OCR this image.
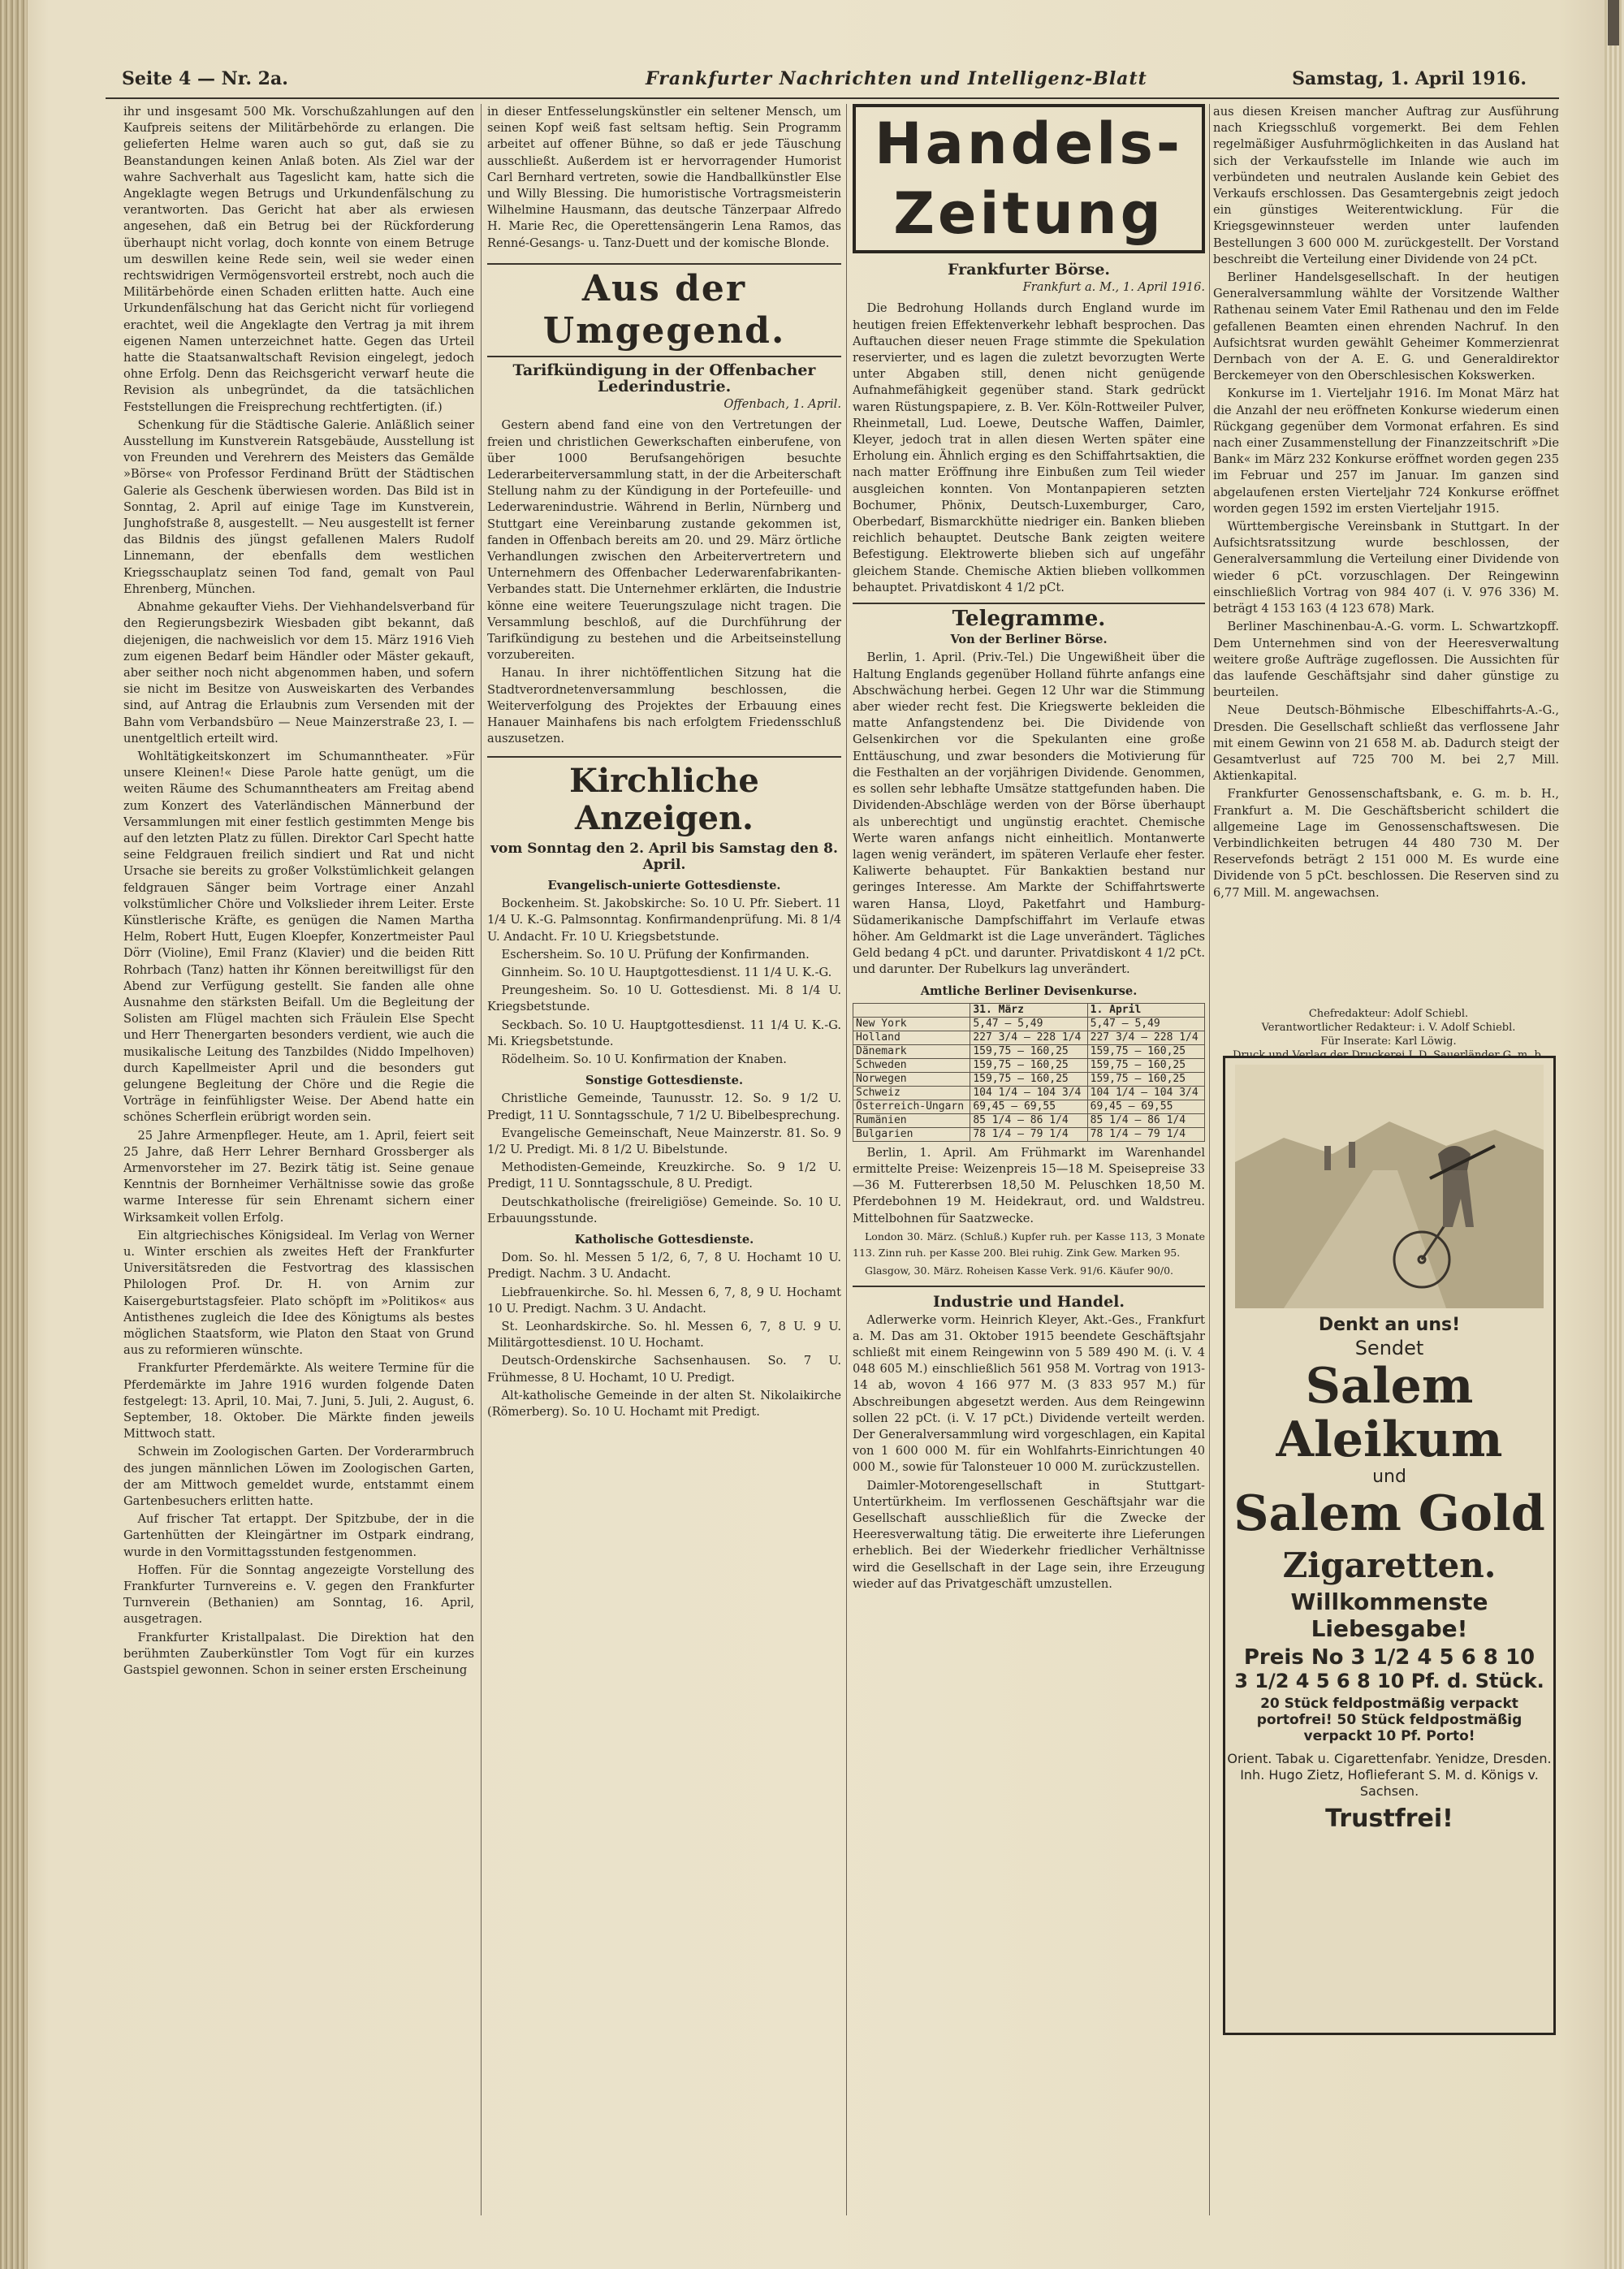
Seite 4 — Nr. 2a.	Frankfurter Nachrichten und Intelligenz-Blatt	Samstag, 1. April 1916.

ihr und insgesamt 500 Mk. Vorschußzahlungen auf den Kaufpreis seitens der Militärbehörde zu erlangen. Die gelieferten Helme waren auch so gut, daß sie zu Beanstandungen keinen Anlaß boten. Als Ziel war der wahre Sachverhalt aus Tageslicht kam, hatte sich die Angeklagte wegen Betrugs und Urkundenfälschung zu verantworten. Das Gericht hat aber als erwiesen angesehen, daß ein Betrug bei der Rückforderung überhaupt nicht vorlag, doch konnte von einem Betruge um deswillen keine Rede sein, weil sie weder einen rechtswidrigen Vermögensvorteil erstrebt, noch auch die Militärbehörde einen Schaden erlitten hatte. Auch eine Urkundenfälschung hat das Gericht nicht für vorliegend erachtet, weil die Angeklagte den Vertrag ja mit ihrem eigenen Namen unterzeichnet hatte. Gegen das Urteil hatte die Staatsanwaltschaft Revision eingelegt, jedoch ohne Erfolg. Denn das Reichsgericht verwarf heute die Revision als unbegründet, da die tatsächlichen Feststellungen die Freisprechung rechtfertigten. (if.)

Schenkung für die Städtische Galerie. Anläßlich seiner Ausstellung im Kunstverein Ratsgebäude, Ausstellung ist von Freunden und Verehrern des Meisters das Gemälde »Börse« von Professor Ferdinand Brütt der Städtischen Galerie als Geschenk überwiesen worden. Das Bild ist in Sonntag, 2. April auf einige Tage im Kunstverein, Junghofstraße 8, ausgestellt. — Neu ausgestellt ist ferner das Bildnis des jüngst gefallenen Malers Rudolf Linnemann, der ebenfalls dem westlichen Kriegsschauplatz seinen Tod fand, gemalt von Paul Ehrenberg, München.

Abnahme gekaufter Viehs. Der Viehhandelsverband für den Regierungsbezirk Wiesbaden gibt bekannt, daß diejenigen, die nachweislich vor dem 15. März 1916 Vieh zum eigenen Bedarf beim Händler oder Mäster gekauft, aber seither noch nicht abgenommen haben, und sofern sie nicht im Besitze von Ausweiskarten des Verbandes sind, auf Antrag die Erlaubnis zum Versenden mit der Bahn vom Verbandsbüro — Neue Mainzerstraße 23, I. — unentgeltlich erteilt wird.

Wohltätigkeitskonzert im Schumanntheater. »Für unsere Kleinen!« Diese Parole hatte genügt, um die weiten Räume des Schumanntheaters am Freitag abend zum Konzert des Vaterländischen Männerbund der Versammlungen mit einer festlich gestimmten Menge bis auf den letzten Platz zu füllen. Direktor Carl Specht hatte seine Feldgrauen freilich sindiert und Rat und nicht Ursache sie bereits zu großer Volkstümlichkeit gelangen feldgrauen Sänger beim Vortrage einer Anzahl volkstümlicher Chöre und Volkslieder ihrem Leiter. Erste Künstlerische Kräfte, es genügen die Namen Martha Helm, Robert Hutt, Eugen Kloepfer, Konzertmeister Paul Dörr (Violine), Emil Franz (Klavier) und die beiden Ritt Rohrbach (Tanz) hatten ihr Können bereitwilligst für den Abend zur Verfügung gestellt. Sie fanden alle ohne Ausnahme den stärksten Beifall. Um die Begleitung der Solisten am Flügel machten sich Fräulein Else Specht und Herr Thenergarten besonders verdient, wie auch die musikalische Leitung des Tanzbildes (Niddo Impelhoven) durch Kapellmeister April und die besonders gut gelungene Begleitung der Chöre und die Regie die Vorträge in feinfühligster Weise. Der Abend hatte ein schönes Scherflein erübrigt worden sein.

25 Jahre Armenpfleger. Heute, am 1. April, feiert seit 25 Jahre, daß Herr Lehrer Bernhard Grossberger als Armenvorsteher im 27. Bezirk tätig ist. Seine genaue Kenntnis der Bornheimer Verhältnisse sowie das große warme Interesse für sein Ehrenamt sichern einer Wirksamkeit vollen Erfolg.

Ein altgriechisches Königsideal. Im Verlag von Werner u. Winter erschien als zweites Heft der Frankfurter Universitätsreden die Festvortrag des klassischen Philologen Prof. Dr. H. von Arnim zur Kaisergeburtstagsfeier. Plato schöpft im »Politikos« aus Antisthenes zugleich die Idee des Königtums als bestes möglichen Staatsform, wie Platon den Staat von Grund aus zu reformieren wünschte.

Frankfurter Pferdemärkte. Als weitere Termine für die Pferdemärkte im Jahre 1916 wurden folgende Daten festgelegt: 13. April, 10. Mai, 7. Juni, 5. Juli, 2. August, 6. September, 18. Oktober. Die Märkte finden jeweils Mittwoch statt.

Schwein im Zoologischen Garten. Der Vorderarmbruch des jungen männlichen Löwen im Zoologischen Garten, der am Mittwoch gemeldet wurde, entstammt einem Gartenbesuchers erlitten hatte.

Auf frischer Tat ertappt. Der Spitzbube, der in die Gartenhütten der Kleingärtner im Ostpark eindrang, wurde in den Vormittagsstunden festgenommen.

Hoffen. Für die Sonntag angezeigte Vorstellung des Frankfurter Turnvereins e. V. gegen den Frankfurter Turnverein (Bethanien) am Sonntag, 16. April, ausgetragen.

Frankfurter Kristallpalast. Die Direktion hat den berühmten Zauberkünstler Tom Vogt für ein kurzes Gastspiel gewonnen. Schon in seiner ersten Erscheinung

in dieser Entfesselungskünstler ein seltener Mensch, um seinen Kopf weiß fast seltsam heftig. Sein Programm arbeitet auf offener Bühne, so daß er jede Täuschung ausschließt. Außerdem ist er hervorragender Humorist Carl Bernhard vertreten, sowie die Handballkünstler Else und Willy Blessing. Die humoristische Vortragsmeisterin Wilhelmine Hausmann, das deutsche Tänzerpaar Alfredo H. Marie Rec, die Operettensängerin Lena Ramos, das Renné-Gesangs- u. Tanz-Duett und der komische Blonde.

Aus der Umgegend.
Tarifkündigung in der Offenbacher Lederindustrie.
Offenbach, 1. April.

Gestern abend fand eine von den Vertretungen der freien und christlichen Gewerkschaften einberufene, von über 1000 Berufsangehörigen besuchte Lederarbeiterversammlung statt, in der die Arbeiterschaft Stellung nahm zu der Kündigung in der Portefeuille- und Lederwarenindustrie. Während in Berlin, Nürnberg und Stuttgart eine Vereinbarung zustande gekommen ist, fanden in Offenbach bereits am 20. und 29. März örtliche Verhandlungen zwischen den Arbeitervertretern und Unternehmern des Offenbacher Lederwarenfabrikanten-Verbandes statt. Die Unternehmer erklärten, die Industrie könne eine weitere Teuerungszulage nicht tragen. Die Versammlung beschloß, auf die Durchführung der Tarifkündigung zu bestehen und die Arbeitseinstellung vorzubereiten.

Hanau. In ihrer nichtöffentlichen Sitzung hat die Stadtverordnetenversammlung beschlossen, die Weiterverfolgung des Projektes der Erbauung eines Hanauer Mainhafens bis nach erfolgtem Friedensschluß auszusetzen.

Kirchliche Anzeigen.
vom Sonntag den 2. April bis Samstag den 8. April.
Evangelisch-unierte Gottesdienste.

Bockenheim. St. Jakobskirche: So. 10 U. Pfr. Siebert. 11 1/4 U. K.-G. Palmsonntag. Konfirmandenprüfung. Mi. 8 1/4 U. Andacht. Fr. 10 U. Kriegsbetstunde.

Eschersheim. So. 10 U. Prüfung der Konfirmanden.

Ginnheim. So. 10 U. Hauptgottesdienst. 11 1/4 U. K.-G.

Preungesheim. So. 10 U. Gottesdienst. Mi. 8 1/4 U. Kriegsbetstunde.

Seckbach. So. 10 U. Hauptgottesdienst. 11 1/4 U. K.-G. Mi. Kriegsbetstunde.

Rödelheim. So. 10 U. Konfirmation der Knaben.

Sonstige Gottesdienste.

Christliche Gemeinde, Taunusstr. 12. So. 9 1/2 U. Predigt, 11 U. Sonntagsschule, 7 1/2 U. Bibelbesprechung.

Evangelische Gemeinschaft, Neue Mainzerstr. 81. So. 9 1/2 U. Predigt. Mi. 8 1/2 U. Bibelstunde.

Methodisten-Gemeinde, Kreuzkirche. So. 9 1/2 U. Predigt, 11 U. Sonntagsschule, 8 U. Predigt.

Deutschkatholische (freireligiöse) Gemeinde. So. 10 U. Erbauungsstunde.

Katholische Gottesdienste.

Dom. So. hl. Messen 5 1/2, 6, 7, 8 U. Hochamt 10 U. Predigt. Nachm. 3 U. Andacht.

Liebfrauenkirche. So. hl. Messen 6, 7, 8, 9 U. Hochamt 10 U. Predigt. Nachm. 3 U. Andacht.

St. Leonhardskirche. So. hl. Messen 6, 7, 8 U. 9 U. Militärgottesdienst. 10 U. Hochamt.

Deutsch-Ordenskirche Sachsenhausen. So. 7 U. Frühmesse, 8 U. Hochamt, 10 U. Predigt.

Alt-katholische Gemeinde in der alten St. Nikolaikirche (Römerberg). So. 10 U. Hochamt mit Predigt.

Handels-Zeitung
Frankfurter Börse.
Frankfurt a. M., 1. April 1916.

Die Bedrohung Hollands durch England wurde im heutigen freien Effektenverkehr lebhaft besprochen. Das Auftauchen dieser neuen Frage stimmte die Spekulation reservierter, und es lagen die zuletzt bevorzugten Werte unter Abgaben still, denen nicht genügende Aufnahmefähigkeit gegenüber stand. Stark gedrückt waren Rüstungspapiere, z. B. Ver. Köln-Rottweiler Pulver, Rheinmetall, Lud. Loewe, Deutsche Waffen, Daimler, Kleyer, jedoch trat in allen diesen Werten später eine Erholung ein. Ähnlich erging es den Schiffahrtsaktien, die nach matter Eröffnung ihre Einbußen zum Teil wieder ausgleichen konnten. Von Montanpapieren setzten Bochumer, Phönix, Deutsch-Luxemburger, Caro, Oberbedarf, Bismarckhütte niedriger ein. Banken blieben reichlich behauptet. Deutsche Bank zeigten weitere Befestigung. Elektrowerte blieben sich auf ungefähr gleichem Stande. Chemische Aktien blieben vollkommen behauptet. Privatdiskont 4 1/2 pCt.

Telegramme.
Von der Berliner Börse.

Berlin, 1. April. (Priv.-Tel.) Die Ungewißheit über die Haltung Englands gegenüber Holland führte anfangs eine Abschwächung herbei. Gegen 12 Uhr war die Stimmung aber wieder recht fest. Die Kriegswerte bekleiden die matte Anfangstendenz bei. Die Dividende von Gelsenkirchen vor die Spekulanten eine große Enttäuschung, und zwar besonders die Motivierung für die Festhalten an der vorjährigen Dividende. Genommen, es sollen sehr lebhafte Umsätze stattgefunden haben. Die Dividenden-Abschläge werden von der Börse überhaupt als unberechtigt und ungünstig erachtet. Chemische Werte waren anfangs nicht einheitlich. Montanwerte lagen wenig verändert, im späteren Verlaufe eher fester. Kaliwerte behauptet. Für Bankaktien bestand nur geringes Interesse. Am Markte der Schiffahrtswerte waren Hansa, Lloyd, Paketfahrt und Hamburg-Südamerikanische Dampfschiffahrt im Verlaufe etwas höher. Am Geldmarkt ist die Lage unverändert. Tägliches Geld bedang 4 pCt. und darunter. Privatdiskont 4 1/2 pCt. und darunter. Der Rubelkurs lag unverändert.

Amtliche Berliner Devisenkurse.
	31. März	1. April
New York	5,47 — 5,49	5,47 — 5,49
Holland	227 3/4 — 228 1/4	227 3/4 — 228 1/4
Dänemark	159,75 — 160,25	159,75 — 160,25
Schweden	159,75 — 160,25	159,75 — 160,25
Norwegen	159,75 — 160,25	159,75 — 160,25
Schweiz	104 1/4 — 104 3/4	104 1/4 — 104 3/4
Österreich-Ungarn	69,45 — 69,55	69,45 — 69,55
Rumänien	85 1/4 — 86 1/4	85 1/4 — 86 1/4
Bulgarien	78 1/4 — 79 1/4	78 1/4 — 79 1/4

Berlin, 1. April. Am Frühmarkt im Warenhandel ermittelte Preise: Weizenpreis 15—18 M. Speisepreise 33—36 M. Futtererbsen 18,50 M. Peluschken 18,50 M. Pferdebohnen 19 M. Heidekraut, ord. und Waldstreu. Mittelbohnen für Saatzwecke.

London 30. März. (Schluß.) Kupfer ruh. per Kasse 113, 3 Monate 113. Zinn ruh. per Kasse 200. Blei ruhig. Zink Gew. Marken 95.

Glasgow, 30. März. Roheisen Kasse Verk. 91/6. Käufer 90/0.

Industrie und Handel.

Adlerwerke vorm. Heinrich Kleyer, Akt.-Ges., Frankfurt a. M. Das am 31. Oktober 1915 beendete Geschäftsjahr schließt mit einem Reingewinn von 5 589 490 M. (i. V. 4 048 605 M.) einschließlich 561 958 M. Vortrag von 1913-14 ab, wovon 4 166 977 M. (3 833 957 M.) für Abschreibungen abgesetzt werden. Aus dem Reingewinn sollen 22 pCt. (i. V. 17 pCt.) Dividende verteilt werden. Der Generalversammlung wird vorgeschlagen, ein Kapital von 1 600 000 M. für ein Wohlfahrts-Einrichtungen 40 000 M., sowie für Talonsteuer 10 000 M. zurückzustellen.

Daimler-Motorengesellschaft in Stuttgart-Untertürkheim. Im verflossenen Geschäftsjahr war die Gesellschaft ausschließlich für die Zwecke der Heeresverwaltung tätig. Die erweiterte ihre Lieferungen erheblich. Bei der Wiederkehr friedlicher Verhältnisse wird die Gesellschaft in der Lage sein, ihre Erzeugung wieder auf das Privatgeschäft umzustellen.

aus diesen Kreisen mancher Auftrag zur Ausführung nach Kriegsschluß vorgemerkt. Bei dem Fehlen regelmäßiger Ausfuhrmöglichkeiten in das Ausland hat sich der Verkaufsstelle im Inlande wie auch im verbündeten und neutralen Auslande kein Gebiet des Verkaufs erschlossen. Das Gesamtergebnis zeigt jedoch ein günstiges Weiterentwicklung. Für die Kriegsgewinnsteuer werden unter laufenden Bestellungen 3 600 000 M. zurückgestellt. Der Vorstand beschreibt die Verteilung einer Dividende von 24 pCt.

Berliner Handelsgesellschaft. In der heutigen Generalversammlung wählte der Vorsitzende Walther Rathenau seinem Vater Emil Rathenau und den im Felde gefallenen Beamten einen ehrenden Nachruf. In den Aufsichtsrat wurden gewählt Geheimer Kommerzienrat Dernbach von der A. E. G. und Generaldirektor Berckemeyer von den Oberschlesischen Kokswerken.

Konkurse im 1. Vierteljahr 1916. Im Monat März hat die Anzahl der neu eröffneten Konkurse wiederum einen Rückgang gegenüber dem Vormonat erfahren. Es sind nach einer Zusammenstellung der Finanzzeitschrift »Die Bank« im März 232 Konkurse eröffnet worden gegen 235 im Februar und 257 im Januar. Im ganzen sind abgelaufenen ersten Vierteljahr 724 Konkurse eröffnet worden gegen 1592 im ersten Vierteljahr 1915.

Württembergische Vereinsbank in Stuttgart. In der Aufsichtsratssitzung wurde beschlossen, der Generalversammlung die Verteilung einer Dividende von wieder 6 pCt. vorzuschlagen. Der Reingewinn einschließlich Vortrag von 984 407 (i. V. 976 336) M. beträgt 4 153 163 (4 123 678) Mark.

Berliner Maschinenbau-A.-G. vorm. L. Schwartzkopff. Dem Unternehmen sind von der Heeresverwaltung weitere große Aufträge zugeflossen. Die Aussichten für das laufende Geschäftsjahr sind daher günstige zu beurteilen.

Neue Deutsch-Böhmische Elbeschiffahrts-A.-G., Dresden. Die Gesellschaft schließt das verflossene Jahr mit einem Gewinn von 21 658 M. ab. Dadurch steigt der Gesamtverlust auf 725 700 M. bei 2,7 Mill. Aktienkapital.

Frankfurter Genossenschaftsbank, e. G. m. b. H., Frankfurt a. M. Die Geschäftsbericht schildert die allgemeine Lage im Genossenschaftswesen. Die Verbindlichkeiten betrugen 44 480 730 M. Der Reservefonds beträgt 2 151 000 M. Es wurde eine Dividende von 5 pCt. beschlossen. Die Reserven sind zu 6,77 Mill. M. angewachsen.

Chefredakteur: Adolf Schiebl.
Verantwortlicher Redakteur: i. V. Adolf Schiebl.
Für Inserate: Karl Löwig.
Denkt an uns!
Sendet
Salem Aleikum
und
Salem Gold
Zigaretten.
Willkommenste Liebesgabe!
Preis No 3 1/2 4 5 6 8 10
3 1/2 4 5 6 8 10 Pf. d. Stück.
20 Stück feldpostmäßig verpackt portofrei! 50 Stück feldpostmäßig verpackt 10 Pf. Porto!
Orient. Tabak u. Cigarettenfabr. Yenidze, Dresden. Inh. Hugo Zietz, Hoflieferant S. M. d. Königs v. Sachsen.
Trustfrei!
